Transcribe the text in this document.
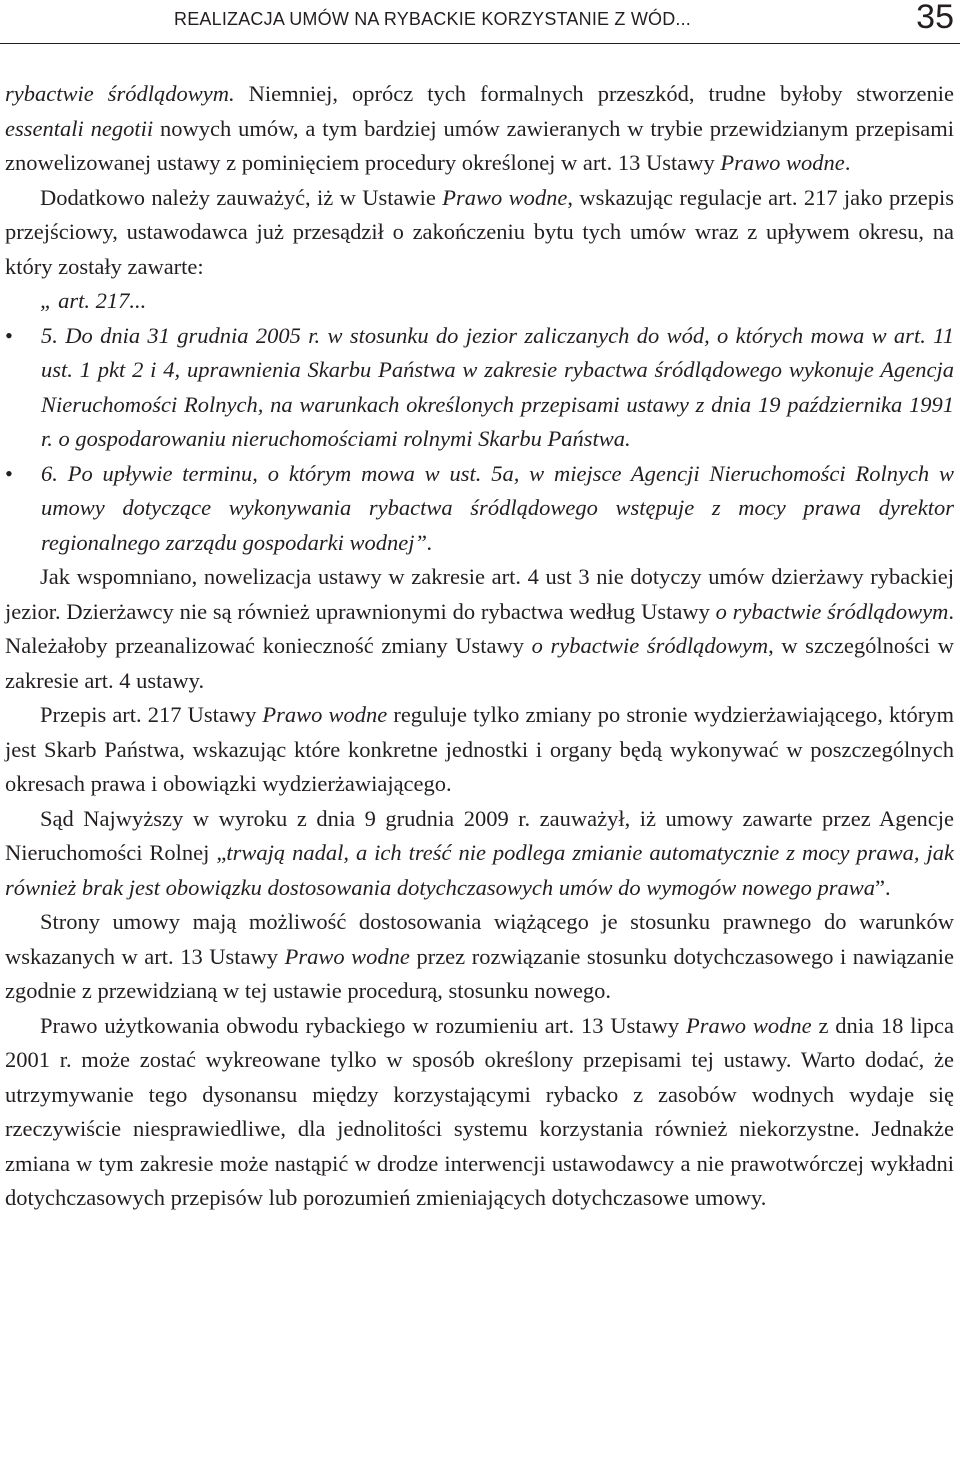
REALIZACJA UMÓW NA RYBACKIE KORZYSTANIE Z WÓD...	35

rybactwie śródlądowym. Niemniej, oprócz tych formalnych przeszkód, trudne byłoby stworzenie essentali negotii nowych umów, a tym bardziej umów zawieranych w trybie przewidzianym przepisami znowelizowanej ustawy z pominięciem procedury określonej w art. 13 Ustawy Prawo wodne.

Dodatkowo należy zauważyć, iż w Ustawie Prawo wodne, wskazując regulacje art. 217 jako przepis przejściowy, ustawodawca już przesądził o zakończeniu bytu tych umów wraz z upływem okresu, na który zostały zawarte:

„ art. 217...

• 5. Do dnia 31 grudnia 2005 r. w stosunku do jezior zaliczanych do wód, o których mowa w art. 11 ust. 1 pkt 2 i 4, uprawnienia Skarbu Państwa w zakresie rybactwa śródlądowego wykonuje Agencja Nieruchomości Rolnych, na warunkach określonych przepisami ustawy z dnia 19 października 1991 r. o gospodarowaniu nieruchomościami rolnymi Skarbu Państwa.

• 6. Po upływie terminu, o którym mowa w ust. 5a, w miejsce Agencji Nieruchomości Rolnych w umowy dotyczące wykonywania rybactwa śródlądowego wstępuje z mocy prawa dyrektor regionalnego zarządu gospodarki wodnej”.

Jak wspomniano, nowelizacja ustawy w zakresie art. 4 ust 3 nie dotyczy umów dzierżawy rybackiej jezior. Dzierżawcy nie są również uprawnionymi do rybactwa według Ustawy o rybactwie śródlądowym. Należałoby przeanalizować konieczność zmiany Ustawy o rybactwie śródlądowym, w szczególności w zakresie art. 4 ustawy.

Przepis art. 217 Ustawy Prawo wodne reguluje tylko zmiany po stronie wydzierżawiającego, którym jest Skarb Państwa, wskazując które konkretne jednostki i organy będą wykonywać w poszczególnych okresach prawa i obowiązki wydzierżawiającego.

Sąd Najwyższy w wyroku z dnia 9 grudnia 2009 r. zauważył, iż umowy zawarte przez Agencje Nieruchomości Rolnej „trwają nadal, a ich treść nie podlega zmianie automatycznie z mocy prawa, jak również brak jest obowiązku dostosowania dotychczasowych umów do wymogów nowego prawa”.

Strony umowy mają możliwość dostosowania wiążącego je stosunku prawnego do warunków wskazanych w art. 13 Ustawy Prawo wodne przez rozwiązanie stosunku dotychczasowego i nawiązanie zgodnie z przewidzianą w tej ustawie procedurą, stosunku nowego.

Prawo użytkowania obwodu rybackiego w rozumieniu art. 13 Ustawy Prawo wodne z dnia 18 lipca 2001 r. może zostać wykreowane tylko w sposób określony przepisami tej ustawy. Warto dodać, że utrzymywanie tego dysonansu między korzystającymi rybacko z zasobów wodnych wydaje się rzeczywiście niesprawiedliwe, dla jednolitości systemu korzystania również niekorzystne. Jednakże zmiana w tym zakresie może nastąpić w drodze interwencji ustawodawcy a nie prawotwórczej wykładni dotychczasowych przepisów lub porozumień zmieniających dotychczasowe umowy.
